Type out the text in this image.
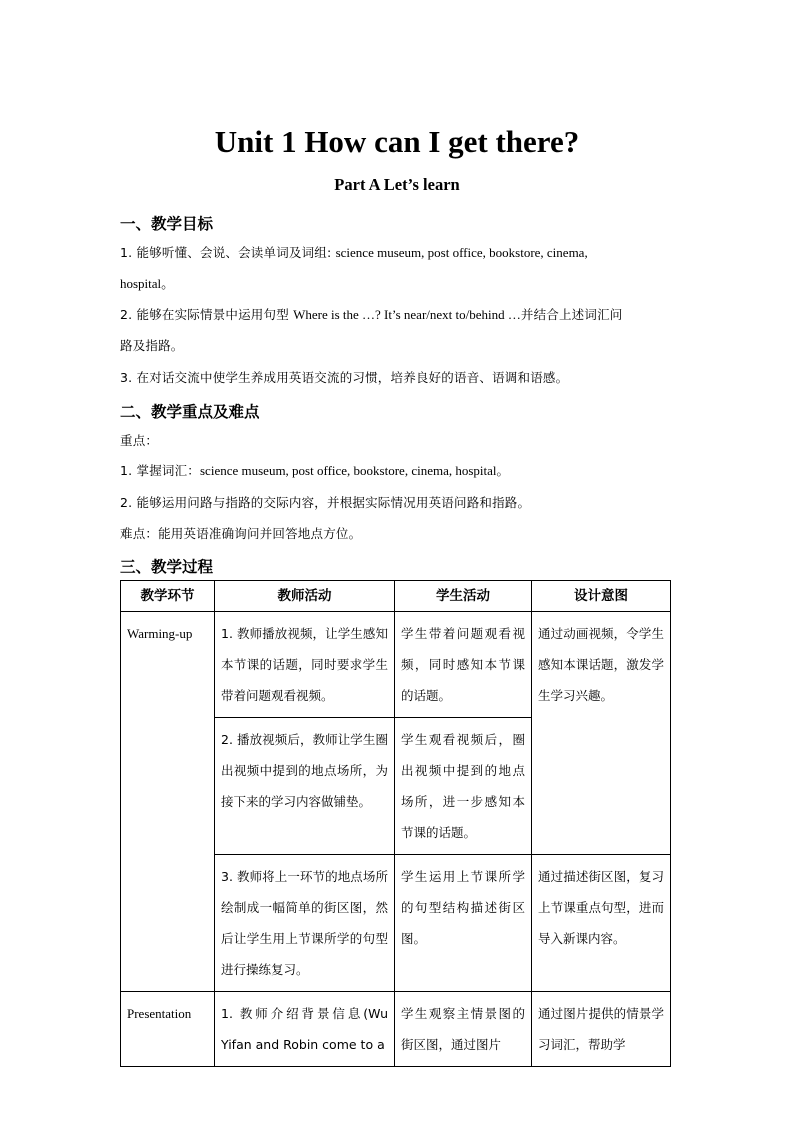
Unit 1 How can I get there?
Part A Let’s learn
一、教学目标
1. 能够听懂、会说、会读单词及词组: science museum, post office, bookstore, cinema,
hospital。
2. 能够在实际情景中运用句型 Where is the …? It’s near/next to/behind …并结合上述词汇问
路及指路。
3. 在对话交流中使学生养成用英语交流的习惯，培养良好的语音、语调和语感。
二、教学重点及难点
重点：
1. 掌握词汇：science museum, post office, bookstore, cinema, hospital。
2. 能够运用问路与指路的交际内容，并根据实际情况用英语问路和指路。
难点：能用英语准确询问并回答地点方位。
三、教学过程
教学环节	教师活动	学生活动	设计意图
Warming-up	1. 教师播放视频，让学生感知本节课的话题，同时要求学生带着问题观看视频。	学生带着问题观看视频，同时感知本节课的话题。	通过动画视频，令学生感知本课话题，激发学生学习兴趣。
	2. 播放视频后，教师让学生圈出视频中提到的地点场所，为接下来的学习内容做铺垫。	学生观看视频后，圈出视频中提到的地点场所，进一步感知本节课的话题。	
	3. 教师将上一环节的地点场所绘制成一幅简单的街区图，然后让学生用上节课所学的句型进行操练复习。	学生运用上节课所学的句型结构描述街区图。	通过描述街区图，复习上节课重点句型，进而导入新课内容。
Presentation	1. 教师介绍背景信息(Wu Yifan and Robin come to a	学生观察主情景图的街区图，通过图片	通过图片提供的情景学习词汇，帮助学
